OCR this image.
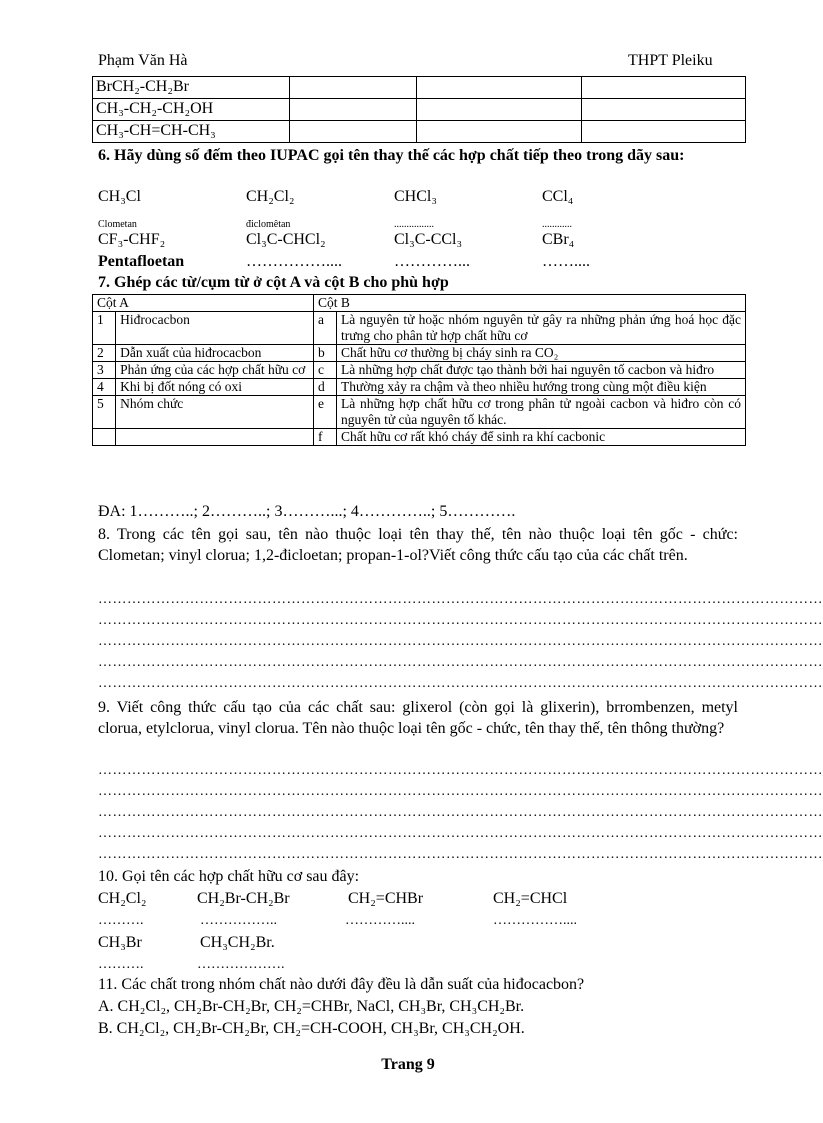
Phạm Văn Hà	THPT Pleiku
BrCH₂-CH₂Br			
CH₃-CH₂-CH₂OH			
CH₃-CH=CH-CH₃			
6. Hãy dùng số đếm theo IUPAC gọi tên thay thế các hợp chất tiếp theo trong dãy sau:
CH₃Cl	CH₂Cl₂	CHCl₃	CCl₄
Clometan	điclomêtan	................	............
CF₃-CHF₂	Cl₃C-CHCl₂	Cl₃C-CCl₃	CBr₄
Pentafloetan	……………....	…………...	……....
7. Ghép các từ/cụm từ ở cột A và cột B cho phù hợp
Cột A		Cột B	
1	Hiđrocacbon	a	Là nguyên tử hoặc nhóm nguyên tử gây ra những phản ứng hoá học đặc trưng cho phân tử hợp chất hữu cơ
2	Dẫn xuất của hiđrocacbon	b	Chất hữu cơ thường bị cháy sinh ra CO₂
3	Phản ứng của các hợp chất hữu cơ	c	Là những hợp chất được tạo thành bởi hai nguyên tố cacbon và hiđro
4	Khi bị đốt nóng có oxi	d	Thường xảy ra chậm và theo nhiều hướng trong cùng một điều kiện
5	Nhóm chức	e	Là những hợp chất hữu cơ trong phân tử ngoài cacbon và hiđro còn có nguyên tử của nguyên tố khác.
		f	Chất hữu cơ rất khó cháy để sinh ra khí cacbonic
ĐA: 1………..; 2………..; 3………...; 4…………..; 5………….
8. Trong các tên gọi sau, tên nào thuộc loại tên thay thế, tên nào thuộc loại tên gốc - chức: Clometan; vinyl clorua; 1,2-đicloetan; propan-1-ol?Viết công thức cấu tạo của các chất trên.
……………………………………………………………………………………………………………………………………
……………………………………………………………………………………………………………………………………
……………………………………………………………………………………………………………………………………
……………………………………………………………………………………………………………………………………
……………………………………………………………………………………………………………………………………
9. Viết công thức cấu tạo của các chất sau: glixerol (còn gọi là glixerin), brrombenzen, metyl clorua, etylclorua, vinyl clorua. Tên nào thuộc loại tên gốc - chức, tên thay thế, tên thông thường?
……………………………………………………………………………………………………………………………………
……………………………………………………………………………………………………………………………………
……………………………………………………………………………………………………………………………………
……………………………………………………………………………………………………………………………………
……………………………………………………………………………………………………………………………………
10. Gọi tên các hợp chất hữu cơ sau đây:
CH₂Cl₂	CH₂Br-CH₂Br	CH₂=CHBr	CH₂=CHCl
……….	……………..	…………....	……………....
CH₃Br	CH₃CH₂Br.
……….	……………….
11. Các chất trong nhóm chất nào dưới đây đều là dẫn suất của hiđocacbon?
A. CH₂Cl₂, CH₂Br-CH₂Br, CH₂=CHBr, NaCl, CH₃Br, CH₃CH₂Br.
B. CH₂Cl₂, CH₂Br-CH₂Br, CH₂=CH-COOH, CH₃Br, CH₃CH₂OH.
Trang 9
